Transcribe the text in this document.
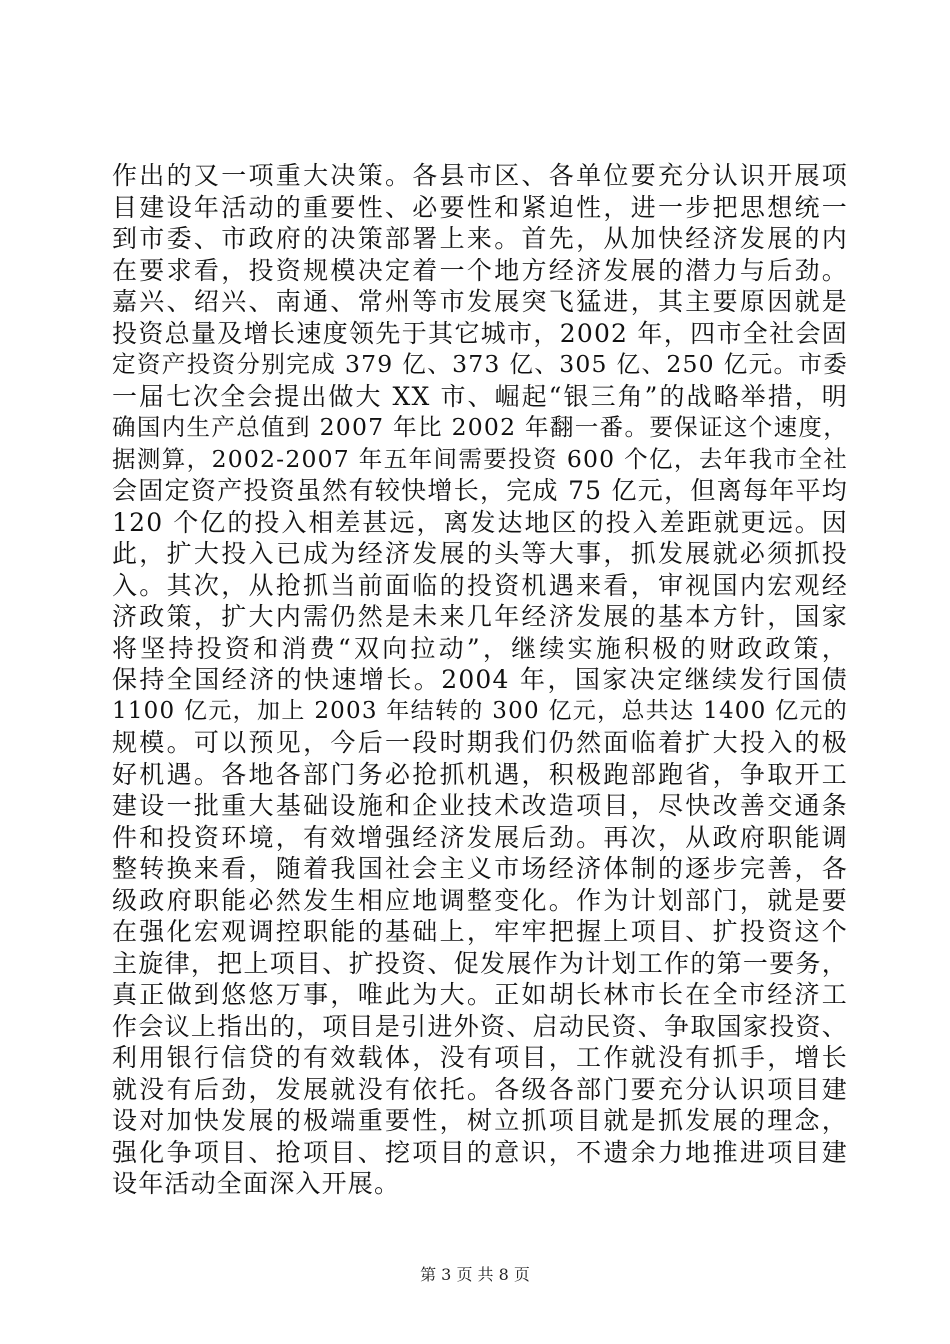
作出的又一项重大决策。各县市区、各单位要充分认识开展项
目建设年活动的重要性、必要性和紧迫性，进一步把思想统一
到市委、市政府的决策部署上来。首先，从加快经济发展的内
在要求看，投资规模决定着一个地方经济发展的潜力与后劲。
嘉兴、绍兴、南通、常州等市发展突飞猛进，其主要原因就是
投资总量及增长速度领先于其它城市，2002 年，四市全社会固
定资产投资分别完成 379 亿、373 亿、305 亿、250 亿元。市委
一届七次全会提出做大 XX 市、崛起“银三角”的战略举措，明
确国内生产总值到 2007 年比 2002 年翻一番。要保证这个速度，
据测算，2002-2007 年五年间需要投资 600 个亿，去年我市全社
会固定资产投资虽然有较快增长，完成 75 亿元，但离每年平均
120 个亿的投入相差甚远，离发达地区的投入差距就更远。因
此，扩大投入已成为经济发展的头等大事，抓发展就必须抓投
入。其次，从抢抓当前面临的投资机遇来看，审视国内宏观经
济政策，扩大内需仍然是未来几年经济发展的基本方针，国家
将坚持投资和消费“双向拉动”，继续实施积极的财政政策，
保持全国经济的快速增长。2004 年，国家决定继续发行国债
1100 亿元，加上 2003 年结转的 300 亿元，总共达 1400 亿元的
规模。可以预见，今后一段时期我们仍然面临着扩大投入的极
好机遇。各地各部门务必抢抓机遇，积极跑部跑省，争取开工
建设一批重大基础设施和企业技术改造项目，尽快改善交通条
件和投资环境，有效增强经济发展后劲。再次，从政府职能调
整转换来看，随着我国社会主义市场经济体制的逐步完善，各
级政府职能必然发生相应地调整变化。作为计划部门，就是要
在强化宏观调控职能的基础上，牢牢把握上项目、扩投资这个
主旋律，把上项目、扩投资、促发展作为计划工作的第一要务，
真正做到悠悠万事，唯此为大。正如胡长林市长在全市经济工
作会议上指出的，项目是引进外资、启动民资、争取国家投资、
利用银行信贷的有效载体，没有项目，工作就没有抓手，增长
就没有后劲，发展就没有依托。各级各部门要充分认识项目建
设对加快发展的极端重要性，树立抓项目就是抓发展的理念，
强化争项目、抢项目、挖项目的意识，不遗余力地推进项目建
设年活动全面深入开展。
第 3 页 共 8 页
